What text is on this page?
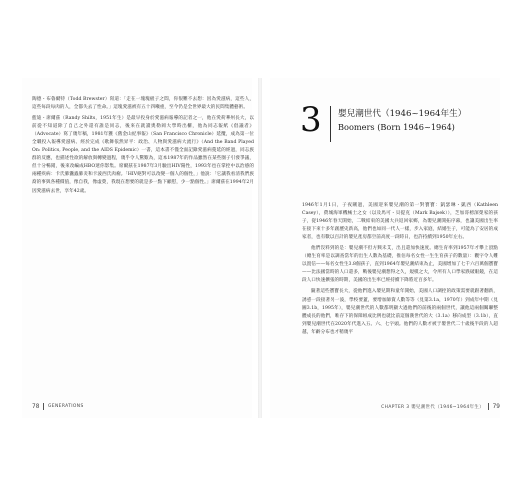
陶德・布魯爾特（Todd Brewster）寫道：「走在一塊塊板子之間，你很難不去想：因為愛滋病，這些人，這些每段每肉的人，全都失去了性命。」這塊愛滋被有五十四噸重，至今仍是全世界最大的民間集體藝術。

藍迪・席爾茲（Randy Shilts，1951年生）是最早投身於愛滋病報導的記者之一，他在愛荷華州長大，以前從不知道除了自己之外還有誰是同志，後來在就讀奧勒岡大學時出櫃，他為同志報紙《倡議者》（Advocate）寫了幾年稿，1981年獲《舊金山紀事報》（San Francisco Chronicle）延攬，成為第一位全職投入報導愛滋病、經於完成《歌舞依然昇平：政治、人物與愛滋病大流行》（And the Band Played On: Politics, People, and the AIDS Epidemic）一書，這本書不僅全面記錄愛滋病蔓延的經過，同志族群的反應，也描述性欲的解放與轉變過程，幾乎令人驚歎為，這本1987年的作品雖然在某些圈子引發爭議，但十分暢銷，後來改編成HBO迷你影集。席爾茲在1987年3月驗出HIV陽性，1993年也在掌控中以治感的兩種疾病：卡氏肺囊蟲肺炎和卡波西氏肉瘤。「HIV絕對可以改變一個人的個性，」他說：「它讓我看清我們族裔的事與各種價值，像自我，像虛榮，我現在想要的就是多一點下顧慰，少一點個性。」席爾茲在1994年2月因愛滋病去世，享年42歲。

78 GENERATIONS
3 嬰兒潮世代（1946~1964年生）
Boomers (Born 1946~1964)

1946年1月1日，子夜剛過，美國迎來嬰兒潮的第一對寶寶：凱瑟琳・凱西（Kathleen Casey），費城海軍機械士之女（以及馬可・貝提克（Mark Bajsek）），芝加哥榜深榮家的孩子，從1946年春天開始，二戰結束的美國大兵返回家鄉，為嬰兒潮開拓序幕，也讓美國出生率在接下來十多年創歷史新高，他們也如同一代人一樣，步入家庭，結婚生子，可能為了安居的成家者，也有數以百計的嬰兒產房都空前高度一段時日，也許持續到1950年左右。

他們沒料到的是：嬰兒潮不但方興未艾，出且還加快速度。總生育率到1957年才攀上頂點（總生育率是以調查當年的出生人數為基礎，推估每名女性一生生育孩子的數量）：觀字令人難以置信——每名女性生3.8個孩子，直到1964年嬰兒潮結束為止，美國增加了七千六百萬個寶寶——比法國當時的人口還多，戰後嬰兒潮想得之久，規模之大，令所有人口學家跌破眼鏡，在這段人口快速擴張的時期，美國的出生率已經持續下降將近百多年。

隨著這些寶寶長大，從他們進入嬰兒期和童年開始，美國人口調控的政策需要就跟著翻新，誘惑一段接著另一波，學校要蓋，要增加師資人數等等（見第3.1a，1970年）到成年中期（見圖3.1b，1995年），嬰兒潮世代的人數都明顯大過他們的前後的兩個世代，讓他這兩個關聯整體成長的他們，唯存下的保障組成比例也就比前這個漢世代的大（3.1a）移向成型（3.1b），直到嬰兒潮世代在2020年代進入五、六、七字頭。他們的人數才被于嬰世代二十歲後半段的人超越，年齡分布也才稍幾平

CHAPTER 3 嬰兒潮世代（1946~1964年生） 79
